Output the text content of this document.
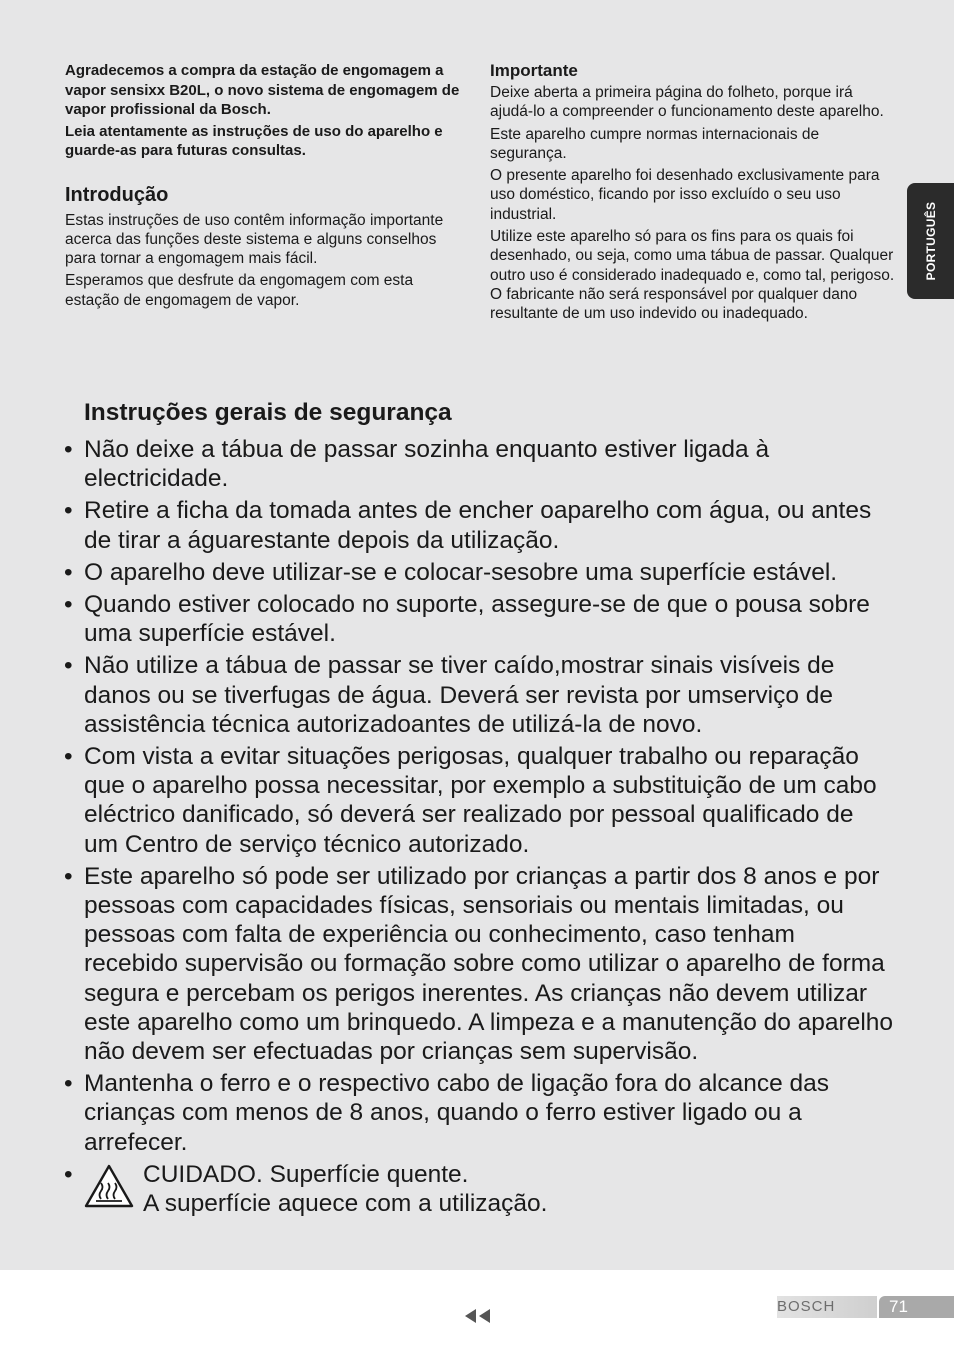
Agradecemos a compra da estação de engomagem a vapor sensixx B20L, o novo sistema de engomagem de vapor profissional da Bosch.

Leia atentamente as instruções de uso do aparelho e guarde-as para futuras consultas.

Introdução

Estas instruções de uso contêm informação importante acerca das funções deste sistema e alguns conselhos para tornar a engomagem mais fácil.

Esperamos que desfrute da engomagem com esta estação de engomagem de vapor.

Importante

Deixe aberta a primeira página do folheto, porque irá ajudá-lo a compreender o funcionamento deste aparelho.

Este aparelho cumpre normas internacionais de segurança.

O presente aparelho foi desenhado exclusivamente para uso doméstico, ficando por isso excluído o seu uso industrial.

Utilize este aparelho só para os fins para os quais foi desenhado, ou seja, como uma tábua de passar. Qualquer outro uso é considerado inadequado e, como tal, perigoso. O fabricante não será responsável por qualquer dano resultante de um uso indevido ou inadequado.

PORTUGUÊS
Instruções gerais de segurança
• Não deixe a tábua de passar sozinha enquanto estiver ligada à electricidade.
• Retire a ficha da tomada antes de encher oaparelho com água, ou antes de tirar a águarestante depois da utilização.
• O aparelho deve utilizar-se e colocar-sesobre uma superfície estável.
• Quando estiver colocado no suporte, assegure-se de que o pousa sobre uma superfície estável.
• Não utilize a tábua de passar se tiver caído,mostrar sinais visíveis de danos ou se tiverfugas de água. Deverá ser revista por umserviço de assistência técnica autorizadoantes de utilizá-la de novo.
• Com vista a evitar situações perigosas, qualquer trabalho ou reparação que o aparelho possa necessitar, por exemplo a substituição de um cabo eléctrico danificado, só deverá ser realizado por pessoal qualificado de um Centro de serviço técnico autorizado.
• Este aparelho só pode ser utilizado por crianças a partir dos 8 anos e por pessoas com capacidades físicas, sensoriais ou mentais limitadas, ou pessoas com falta de experiência ou conhecimento, caso tenham recebido supervisão ou formação sobre como utilizar o aparelho de forma segura e percebam os perigos inerentes. As crianças não devem utilizar este aparelho como um brinquedo. A limpeza e a manutenção do aparelho não devem ser efectuadas por crianças sem supervisão.
• Mantenha o ferro e o respectivo cabo de ligação fora do alcance das crianças com menos de 8 anos, quando o ferro estiver ligado ou a arrefecer.
•	CUIDADO. Superfície quente.
A superfície aquece com a utilização.
BOSCH	71
